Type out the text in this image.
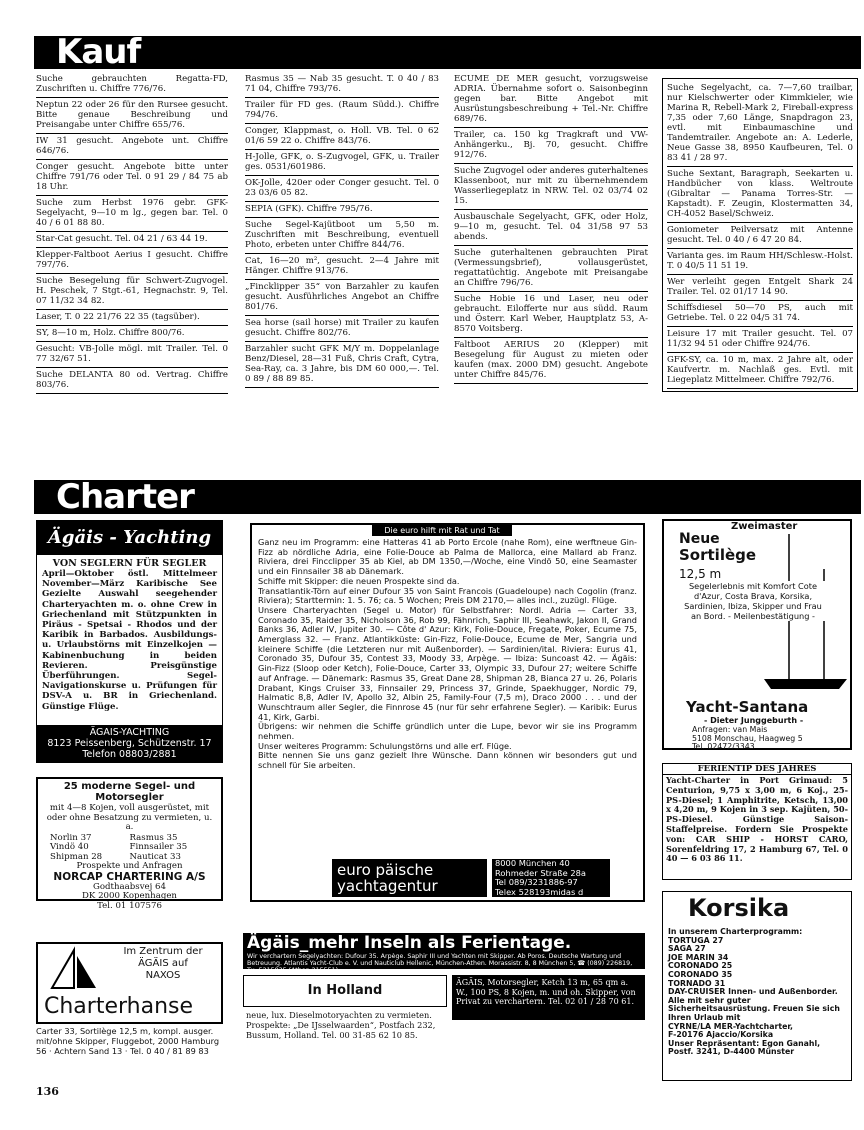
Kauf
Suche gebrauchten Regatta-FD, Zuschriften u. Chiffre 776/76.
Neptun 22 oder 26 für den Rursee gesucht. Bitte genaue Beschreibung und Preisangabe unter Chiffre 655/76.
IW 31 gesucht. Angebote unt. Chiffre 646/76.
Conger gesucht. Angebote bitte unter Chiffre 791/76 oder Tel. 0 91 29 / 84 75 ab 18 Uhr.
Suche zum Herbst 1976 gebr. GFK-Segelyacht, 9—10 m lg., gegen bar. Tel. 0 40 / 6 01 88 80.
Star-Cat gesucht. Tel. 04 21 / 63 44 19.
Klepper-Faltboot Aerius I gesucht. Chiffre 797/76.
Suche Besegelung für Schwert-Zugvogel. H. Peschek, 7 Stgt.-61, Hegnachstr. 9, Tel. 07 11/32 34 82.
Laser, T. 0 22 21/76 22 35 (tagsüber).
SY, 8—10 m, Holz. Chiffre 800/76.
Gesucht: VB-Jolle mögl. mit Trailer. Tel. 0 77 32/67 51.
Suche DELANTA 80 od. Vertrag. Chiffre 803/76.
Rasmus 35 — Nab 35 gesucht. T. 0 40 / 83 71 04, Chiffre 793/76.
Trailer für FD ges. (Raum Südd.). Chiffre 794/76.
Conger, Klappmast, o. Holl. VB. Tel. 0 62 01/6 59 22 o. Chiffre 843/76.
H-Jolle, GFK, o. S-Zugvogel, GFK, u. Trailer ges. 0531/601986.
OK-Jolle, 420er oder Conger gesucht. Tel. 0 23 03/6 05 82.
SEPIA (GFK). Chiffre 795/76.
Suche Segel-Kajütboot um 5,50 m. Zuschriften mit Beschreibung, eventuell Photo, erbeten unter Chiffre 844/76.
Cat, 16—20 m², gesucht. 2—4 Jahre mit Hänger. Chiffre 913/76.
„Fincklipper 35“ von Barzahler zu kaufen gesucht. Ausführliches Angebot an Chiffre 801/76.
Sea horse (sail horse) mit Trailer zu kaufen gesucht. Chiffre 802/76.
Barzahler sucht GFK M/Y m. Doppelanlage Benz/Diesel, 28—31 Fuß, Chris Craft, Cytra, Sea-Ray, ca. 3 Jahre, bis DM 60 000,—. Tel. 0 89 / 88 89 85.
ECUME DE MER gesucht, vorzugsweise ADRIA. Übernahme sofort o. Saisonbeginn gegen bar. Bitte Angebot mit Ausrüstungsbeschreibung + Tel.-Nr. Chiffre 689/76.
Trailer, ca. 150 kg Tragkraft und VW-Anhängerku., Bj. 70, gesucht. Chiffre 912/76.
Suche Zugvogel oder anderes guterhaltenes Klassenboot, nur mit zu übernehmendem Wasserliegeplatz in NRW. Tel. 02 03/74 02 15.
Ausbauschale Segelyacht, GFK, oder Holz, 9—10 m, gesucht. Tel. 04 31/58 97 53 abends.
Suche guterhaltenen gebrauchten Pirat (Vermessungsbrief), vollausgerüstet, regattatüchtig. Angebote mit Preisangabe an Chiffre 796/76.
Suche Hobie 16 und Laser, neu oder gebraucht. Eilofferte nur aus südd. Raum und Österr. Karl Weber, Hauptplatz 53, A-8570 Voitsberg.
Faltboot AERIUS 20 (Klepper) mit Besegelung für August zu mieten oder kaufen (max. 2000 DM) gesucht. Angebote unter Chiffre 845/76.
Suche Segelyacht, ca. 7—7,60 trailbar, nur Kielschwerter oder Kimmkieler, wie Marina R, Rebell-Mark 2, Fireball-express 7,35 oder 7,60 Länge, Snapdragon 23, evtl. mit Einbaumaschine und Tandemtrailer. Angebote an: A. Lederle, Neue Gasse 38, 8950 Kaufbeuren, Tel. 0 83 41 / 28 97.
Suche Sextant, Baragraph, Seekarten u. Handbücher von klass. Weltroute (Gibraltar — Panama Torres-Str. — Kapstadt). F. Zeugin, Klostermatten 34, CH-4052 Basel/Schweiz.
Goniometer Peilversatz mit Antenne gesucht. Tel. 0 40 / 6 47 20 84.
Varianta ges. im Raum HH/Schlesw.-Holst. T. 0 40/5 11 51 19.
Wer verleiht gegen Entgelt Shark 24 Trailer. Tel. 02 01/17 14 90.
Schiffsdiesel 50—70 PS, auch mit Getriebe. Tel. 0 22 04/5 31 74.
Leisure 17 mit Trailer gesucht. Tel. 07 11/32 94 51 oder Chiffre 924/76.
GFK-SY, ca. 10 m, max. 2 Jahre alt, oder Kaufvertr. m. Nachlaß ges. Evtl. mit Liegeplatz Mittelmeer. Chiffre 792/76.
Charter
Ägäis - Yachting
VON SEGLERN FÜR SEGLER
April—Oktober östl. Mittelmeer November—März Karibische See Gezielte Auswahl seegehender Charteryachten m. o. ohne Crew in Griechenland mit Stützpunkten in Piräus - Spetsai - Rhodos und der Karibik in Barbados. Ausbildungs- u. Urlaubstörns mit Einzelkojen — Kabinenbuchung in beiden Revieren. Preisgünstige Überführungen. Segel-Navigationskurse u. Prüfungen für DSV-A u. BR in Griechenland. Günstige Flüge.
ÄGAIS-YACHTING
8123 Peissenberg, Schützenstr. 17
Telefon 08803/2881
25 moderne Segel- und Motorsegler
mit 4—8 Kojen, voll ausgerüstet, mit oder ohne Besatzung zu vermieten, u. a.
Norlin 37	Rasmus 35
Vindö 40	Finnsailer 35
Shipman 28	Nauticat 33
Prospekte und Anfragen
NORCAP CHARTERING A/S
Godthaabsvej 64
DK 2000 Kopenhagen
Tel. 01 107576
Die euro hilft mit Rat und Tat
Ganz neu im Programm: eine Hatteras 41 ab Porto Ercole (nahe Rom), eine werftneue Gin-Fizz ab nördliche Adria, eine Folie-Douce ab Palma de Mallorca, eine Mallard ab Franz. Riviera, drei Fincclipper 35 ab Kiel, ab DM 1350,—/Woche, eine Vindö 50, eine Seamaster und ein Finnsailer 38 ab Dänemark.
Schiffe mit Skipper: die neuen Prospekte sind da.
Transatlantik-Törn auf einer Dufour 35 von Saint Francois (Guadeloupe) nach Cogolin (franz. Riviera); Starttermin: 1. 5. 76; ca. 5 Wochen; Preis DM 2170,— alles incl., zuzügl. Flüge.
Unsere Charteryachten (Segel u. Motor) für Selbstfahrer: Nordl. Adria — Carter 33, Coronado 35, Raider 35, Nicholson 36, Rob 99, Fähnrich, Saphir III, Seahawk, Jakon II, Grand Banks 36, Adler IV, Jupiter 30. — Côte d' Azur: Kirk, Folie-Douce, Fregate, Poker, Ecume 75, Amerglass 32. — Franz. Atlantikküste: Gin-Fizz, Folie-Douce, Ecume de Mer, Sangria und kleinere Schiffe (die Letzteren nur mit Außenborder). — Sardinien/ital. Riviera: Eurus 41, Coronado 35, Dufour 35, Contest 33, Moody 33, Arpège. — Ibiza: Suncoast 42. — Ägäis: Gin-Fizz (Sloop oder Ketch), Folie-Douce, Carter 33, Olympic 33, Dufour 27; weitere Schiffe auf Anfrage. — Dänemark: Rasmus 35, Great Dane 28, Shipman 28, Bianca 27 u. 26, Polaris Drabant, Kings Cruiser 33, Finnsailer 29, Princess 37, Grinde, Spaekhugger, Nordic 79, Halmatic 8,8, Adler IV, Apollo 32, Albin 25, Family-Four (7,5 m), Draco 2000 . . . und der Wunschtraum aller Segler, die Finnrose 45 (nur für sehr erfahrene Segler). — Karibik: Eurus 41, Kirk, Garbi.
Übrigens: wir nehmen die Schiffe gründlich unter die Lupe, bevor wir sie ins Programm nehmen.
Unser weiteres Programm: Schulungstörns und alle erf. Flüge.
Bitte nennen Sie uns ganz gezielt Ihre Wünsche. Dann können wir besonders gut und schnell für Sie arbeiten.
euro päische
yachtagentur
8000 München 40
Rohmeder Straße 28a
Tel 089/3231886-97
Telex 528193midas d
Ägäis_mehr Inseln als Ferientage.
Wir verchartern Segelyachten: Dufour 35. Arpège. Saphir III und Yachten mit Skipper. Ab Poros. Deutsche Wartung und Betreuung. Atlantis Yacht-Club e. V. und Nauticlub Hellenic, München-Athen. Morassistr. 8, 8 München 5, ☎ (089) 226819, Tx. 5215935 (Athen 215551)
Zweimaster
Neue
Sortilège
12,5 m
Segelerlebnis mit Komfort Cote d'Azur, Costa Brava, Korsika, Sardinien, Ibiza, Skipper und Frau an Bord. - Meilenbestätigung -
Yacht-Santana
- Dieter Junggeburth -
Anfragen: van Mais
5108 Monschau, Haagweg 5
Tel. 02472/3343
FERIENTIP DES JAHRES
Yacht-Charter in Port Grimaud: 5 Centurion, 9,75 x 3,00 m, 6 Koj., 25-PS-Diesel; 1 Amphitrite, Ketsch, 13,00 x 4,20 m, 9 Kojen in 3 sep. Kajüten, 50-PS-Diesel. Günstige Saison-Staffelpreise. Fordern Sie Prospekte von: CAR SHIP - HORST CARO, Sorenfeldring 17, 2 Hamburg 67, Tel. 0 40 — 6 03 86 11.
Korsika
In unserem Charterprogramm:
TORTUGA 27
SAGA 27
JOE MARIN 34
CORONADO 25
CORONADO 35
TORNADO 31
DAY-CRUISER Innen- und Außenborder. Alle mit sehr guter Sicherheitsausrüstung. Freuen Sie sich Ihren Urlaub mit
CYRNE/LA MER-Yachtcharter,
F-20176 Ajaccio/Korsika
Unser Repräsentant: Egon Ganahl, Postf. 3241, D-4400 Münster
Im Zentrum der
ÄGÄIS auf
NAXOS
Charterhanse
Carter 33, Sortilège 12,5 m, kompl. ausger. mit/ohne Skipper, Fluggebot, 2000 Hamburg 56 · Achtern Sand 13 · Tel. 0 40 / 81 89 83
In Holland
neue, lux. Dieselmotoryachten zu vermieten. Prospekte: „De IJsselwaarden“, Postfach 232, Bussum, Holland. Tel. 00 31-85 62 10 85.
ÄGÄIS, Motorsegler, Ketch 13 m, 65 qm a. W., 100 PS, 8 Kojen, m. und oh. Skipper, von Privat zu verchartern. Tel. 02 01 / 28 70 61.
136
